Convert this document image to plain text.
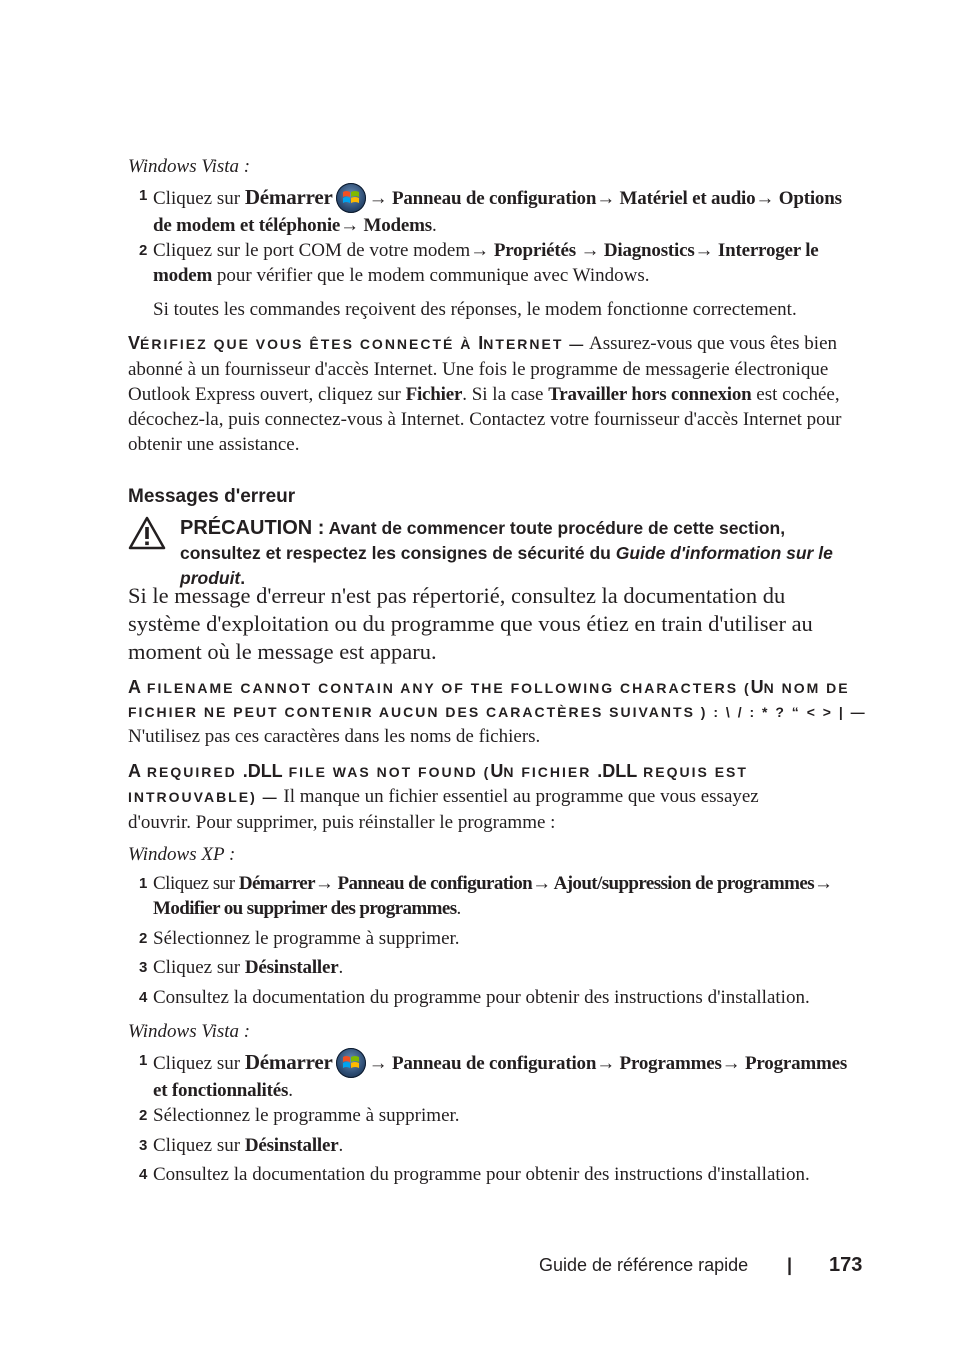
Windows Vista :
1 Cliquez sur Démarrer → Panneau de configuration→ Matériel et audio→ Options de modem et téléphonie→ Modems.
2 Cliquez sur le port COM de votre modem→ Propriétés → Diagnostics→ Interroger le modem pour vérifier que le modem communique avec Windows.
Si toutes les commandes reçoivent des réponses, le modem fonctionne correctement.
VÉRIFIEZ QUE VOUS ÊTES CONNECTÉ À INTERNET — Assurez-vous que vous êtes bien abonné à un fournisseur d'accès Internet. Une fois le programme de messagerie électronique Outlook Express ouvert, cliquez sur Fichier. Si la case Travailler hors connexion est cochée, décochez-la, puis connectez-vous à Internet. Contactez votre fournisseur d'accès Internet pour obtenir une assistance.
Messages d'erreur
PRÉCAUTION : Avant de commencer toute procédure de cette section, consultez et respectez les consignes de sécurité du Guide d'information sur le produit.
Si le message d'erreur n'est pas répertorié, consultez la documentation du système d'exploitation ou du programme que vous étiez en train d'utiliser au moment où le message est apparu.
A FILENAME CANNOT CONTAIN ANY OF THE FOLLOWING CHARACTERS (UN NOM DE
FICHIER NE PEUT CONTENIR AUCUN DES CARACTÈRES SUIVANTS ) : \ / : * ? “ < > | —
N'utilisez pas ces caractères dans les noms de fichiers.
A REQUIRED .DLL FILE WAS NOT FOUND (UN FICHIER .DLL REQUIS EST
INTROUVABLE) — Il manque un fichier essentiel au programme que vous essayez
d'ouvrir. Pour supprimer, puis réinstaller le programme :
Windows XP :
1 Cliquez sur Démarrer→ Panneau de configuration→ Ajout/suppression de programmes→ Modifier ou supprimer des programmes.
2 Sélectionnez le programme à supprimer.
3 Cliquez sur Désinstaller.
4 Consultez la documentation du programme pour obtenir des instructions d'installation.
Windows Vista :
1 Cliquez sur Démarrer → Panneau de configuration→ Programmes→ Programmes et fonctionnalités.
2 Sélectionnez le programme à supprimer.
3 Cliquez sur Désinstaller.
4 Consultez la documentation du programme pour obtenir des instructions d'installation.
Guide de référence rapide | 173
